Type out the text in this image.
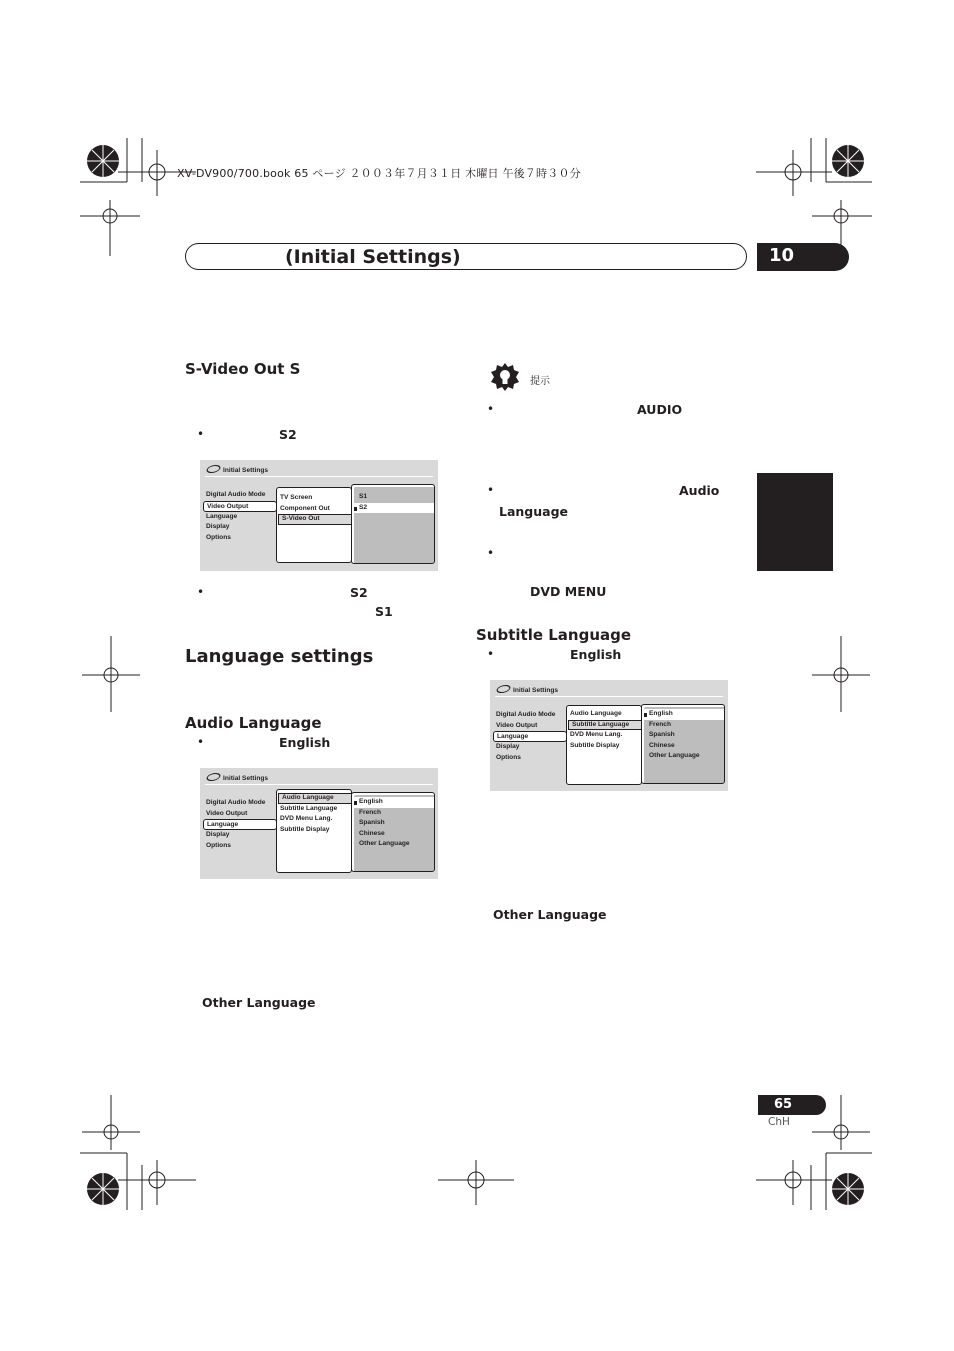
XV-DV900/700.book 65 ページ ２００３年７月３１日 木曜日 午後７時３０分
(Initial Settings)	10
S-Video Out S
•	S2
Initial Settings
Digital Audio Mode
Video Output
Language
Display
Options
TV Screen
Component Out
S-Video Out
S1
S2
•	S2
S1
Language settings
Audio Language
•	English
Initial Settings
Digital Audio Mode
Video Output
Language
Display
Options
Audio Language
Subtitle Language
DVD Menu Lang.
Subtitle Display
English
French
Spanish
Chinese
Other Language
Other Language
提示
•	AUDIO
•	Audio
Language
•
DVD MENU
Subtitle Language
•	English
Initial Settings
Digital Audio Mode
Video Output
Language
Display
Options
Audio Language
Subtitle Language
DVD Menu Lang.
Subtitle Display
English
French
Spanish
Chinese
Other Language
Other Language
65
ChH
